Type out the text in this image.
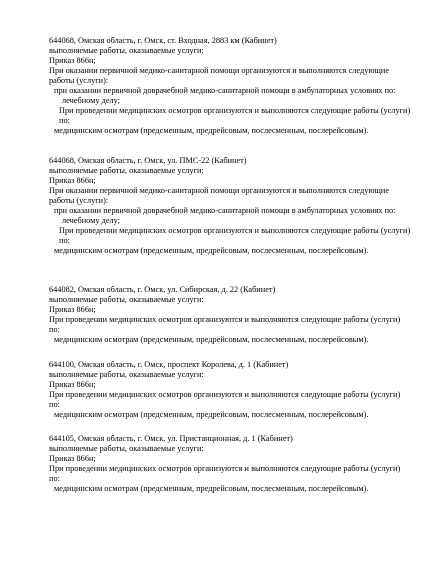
644068, Омская область, г. Омск, ст. Входная, 2883 км (Кабинет)
выполняемые работы, оказываемые услуги:
Приказ 866н;
При оказании первичной медико-санитарной помощи организуются и выполняются следующие работы (услуги):
при оказании первичной доврачебной медико-санитарной помощи в амбулаторных условиях по:
лечебному делу;
При проведении медицинских осмотров организуются и выполняются следующие работы (услуги) по:
медицинским осмотрам (предсменным, предрейсовым, послесменным, послерейсовым).
644068, Омская область, г. Омск, ул. ПМС-22 (Кабинет)
выполняемые работы, оказываемые услуги:
Приказ 866н;
При оказании первичной медико-санитарной помощи организуются и выполняются следующие работы (услуги):
при оказании первичной доврачебной медико-санитарной помощи в амбулаторных условиях по:
лечебному делу;
При проведении медицинских осмотров организуются и выполняются следующие работы (услуги) по:
медицинским осмотрам (предсменным, предрейсовым, послесменным, послерейсовым).
644082, Омская область, г. Омск, ул. Сибирская, д. 22 (Кабинет)
выполняемые работы, оказываемые услуги:
Приказ 866н;
При проведении медицинских осмотров организуются и выполняются следующие работы (услуги) по:
медицинским осмотрам (предсменным, предрейсовым, послесменным, послерейсовым).
644100, Омская область, г. Омск, проспект Королева, д. 1 (Кабинет)
выполняемые работы, оказываемые услуги:
Приказ 866н;
При проведении медицинских осмотров организуются и выполняются следующие работы (услуги) по:
медицинским осмотрам (предсменным, предрейсовым, послесменным, послерейсовым).
644105, Омская область, г. Омск, ул. Пристанционная, д. 1 (Кабинет)
выполняемые работы, оказываемые услуги:
Приказ 866н;
При проведении медицинских осмотров организуются и выполняются следующие работы (услуги) по:
медицинским осмотрам (предсменным, предрейсовым, послесменным, послерейсовым).
